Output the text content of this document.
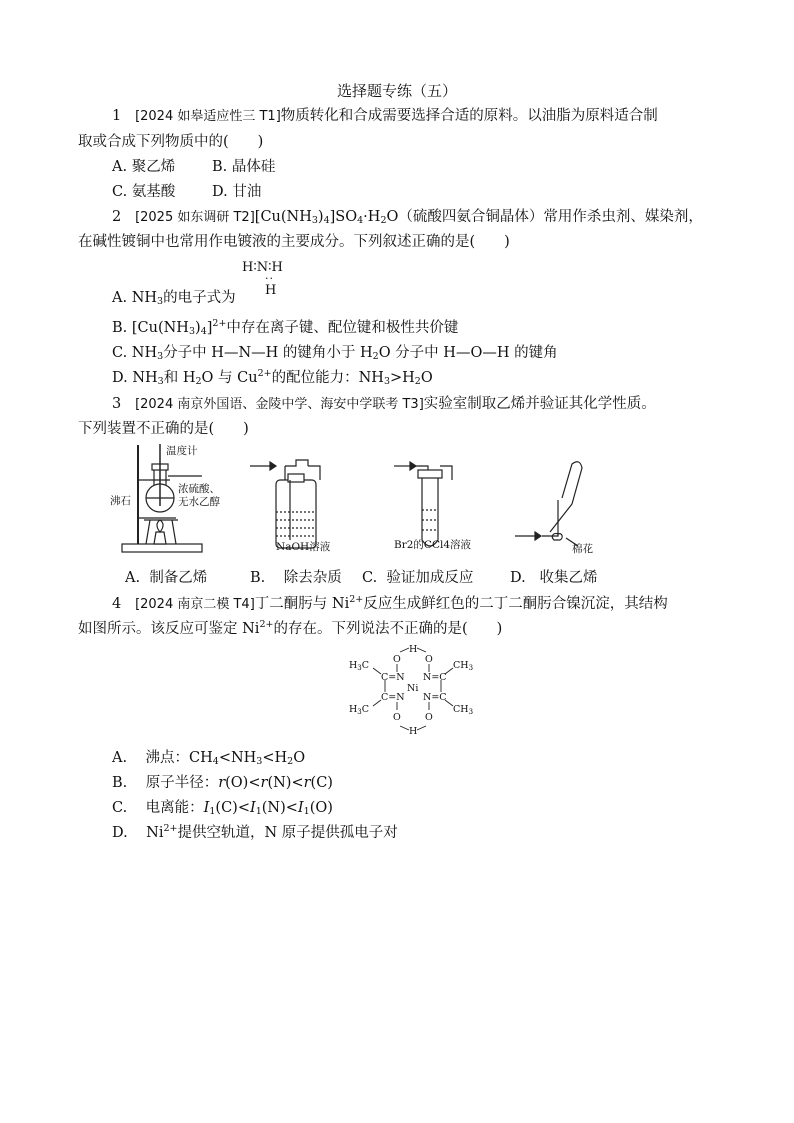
选择题专练（五）
1 [2024 如皋适应性三 T1]物质转化和合成需要选择合适的原料。以油脂为原料适合制
取或合成下列物质中的(　　)
A. 聚乙烯	B. 晶体硅
C. 氨基酸	D. 甘油
2 [2025 如东调研 $T2][Cu(NH_3)_4]SO_4\cdot H_2O$（硫酸四氨合铜晶体）常用作杀虫剂、媒染剂，
在碱性镀铜中也常用作电镀液的主要成分。下列叙述正确的是(　　)
H∶N∶H
··
H
A. $NH_3$的电子式为
B. $[Cu(NH_3)_4]^{2+}$中存在离子键、配位键和极性共价键
C. $NH_3$分子中 H—N—H 的键角小于 $H_2O$ 分子中 H—O—H 的键角
D. $NH_3$和 $H_2O$ 与 $Cu^{2+}$的配位能力：$NH_3>H_2O$
3 [2024 南京外国语、金陵中学、海安中学联考 T3]实验室制取乙烯并验证其化学性质。
下列装置不正确的是(　　)
温度计
沸石
浓硫酸、
无水乙醇
NaOH溶液	Br2的CCl4溶液	棉花
A. 制备乙烯	B. 除去杂质 C. 验证加成反应	D. 收集乙烯
4 [2024 南京二模 T4]丁二酮肟与 $Ni^{2+}$反应生成鲜红色的二丁二酮肟合镍沉淀，其结构
如图所示。该反应可鉴定 $Ni^{2+}$的存在。下列说法不正确的是(　　)
H
H
O	O
O	O
C=N N=C
C=N N=C
Ni
$H_3C$
$H_3C$
$CH_3$
$CH_3$
A.    沸点：$CH_4<NH_3<H_2O$
B.    原子半径：r(O)<r(N)<r(C)
C.    电离能：$I_1(C)<I_1(N)<I_1(O)$
D.    $Ni^{2+}$提供空轨道，N 原子提供孤电子对
